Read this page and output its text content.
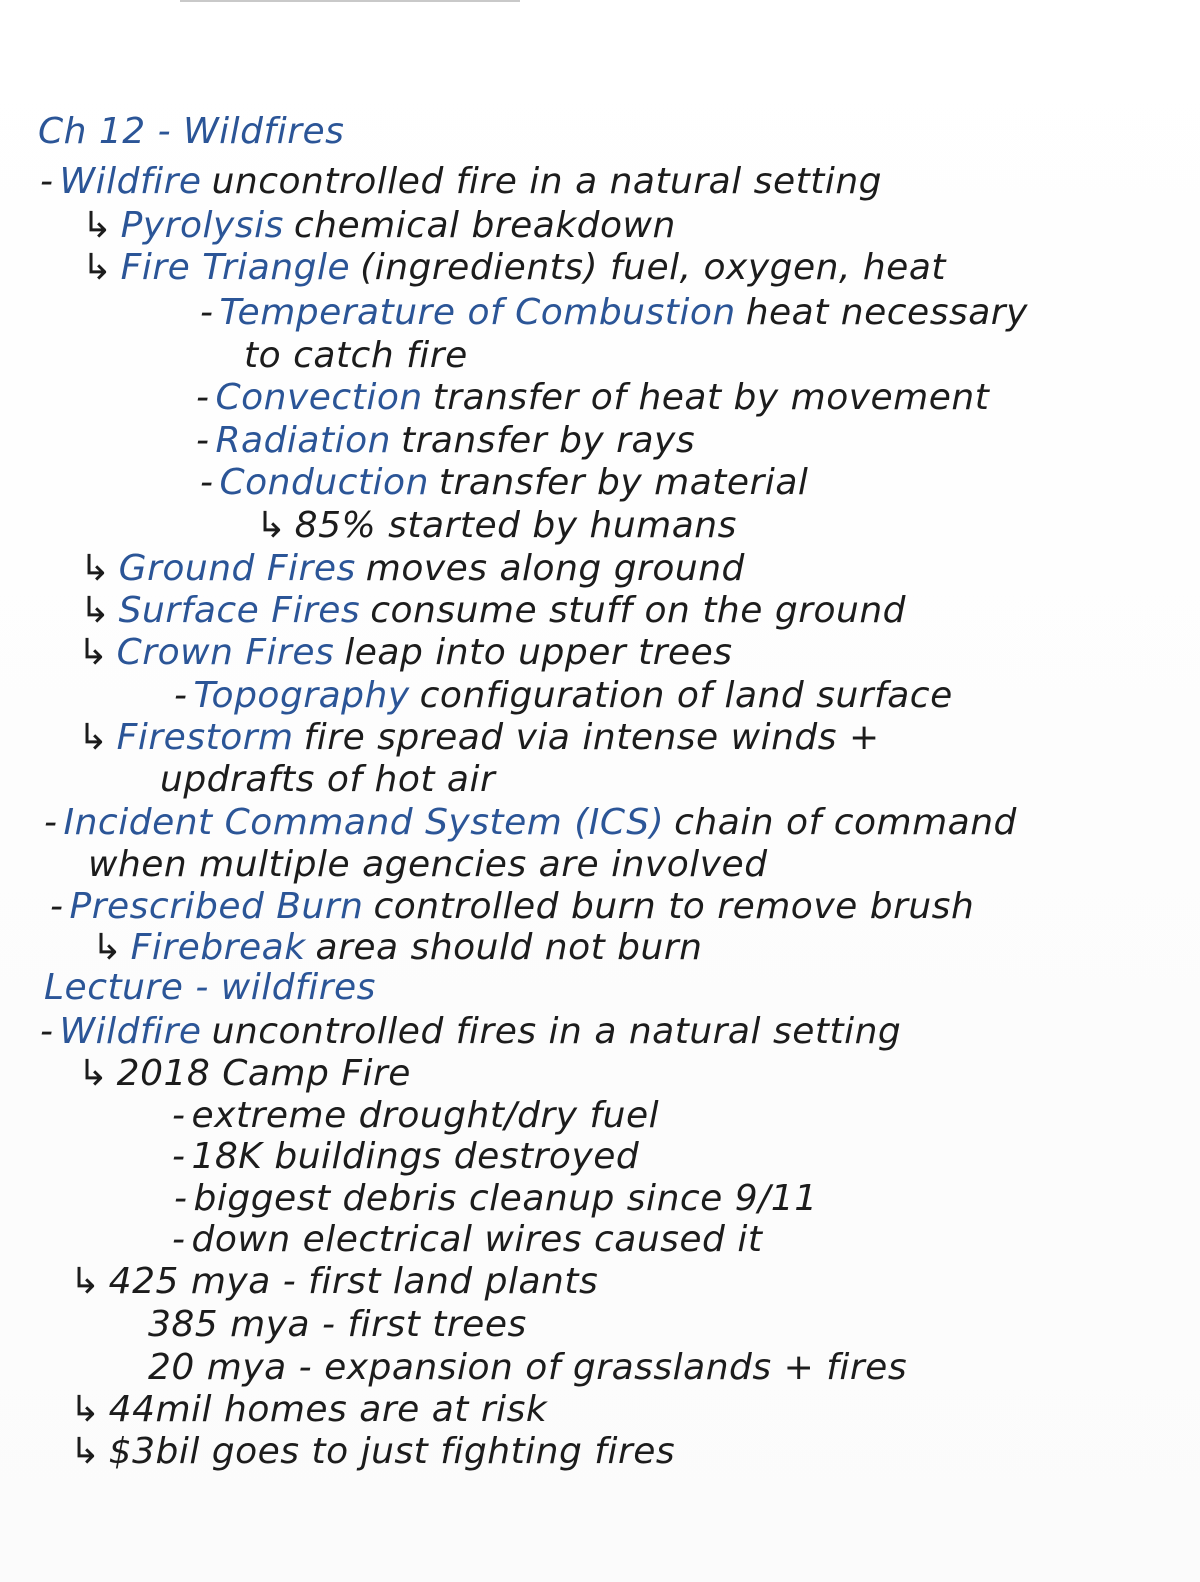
Ch 12 - Wildfires
- Wildfire uncontrolled fire in a natural setting
↳ Pyrolysis chemical breakdown
↳ Fire Triangle (ingredients) fuel, oxygen, heat
- Temperature of Combustion heat necessary
to catch fire
- Convection transfer of heat by movement
- Radiation transfer by rays
- Conduction transfer by material
↳ 85% started by humans
↳ Ground Fires moves along ground
↳ Surface Fires consume stuff on the ground
↳ Crown Fires leap into upper trees
- Topography configuration of land surface
↳ Firestorm fire spread via intense winds +
updrafts of hot air
- Incident Command System (ICS) chain of command
when multiple agencies are involved
- Prescribed Burn controlled burn to remove brush
↳ Firebreak area should not burn
Lecture - wildfires
- Wildfire uncontrolled fires in a natural setting
↳ 2018 Camp Fire
- extreme drought/dry fuel
- 18K buildings destroyed
- biggest debris cleanup since 9/11
- down electrical wires caused it
↳ 425 mya - first land plants
385 mya - first trees
20 mya - expansion of grasslands + fires
↳ 44mil homes are at risk
↳ $3bil goes to just fighting fires
